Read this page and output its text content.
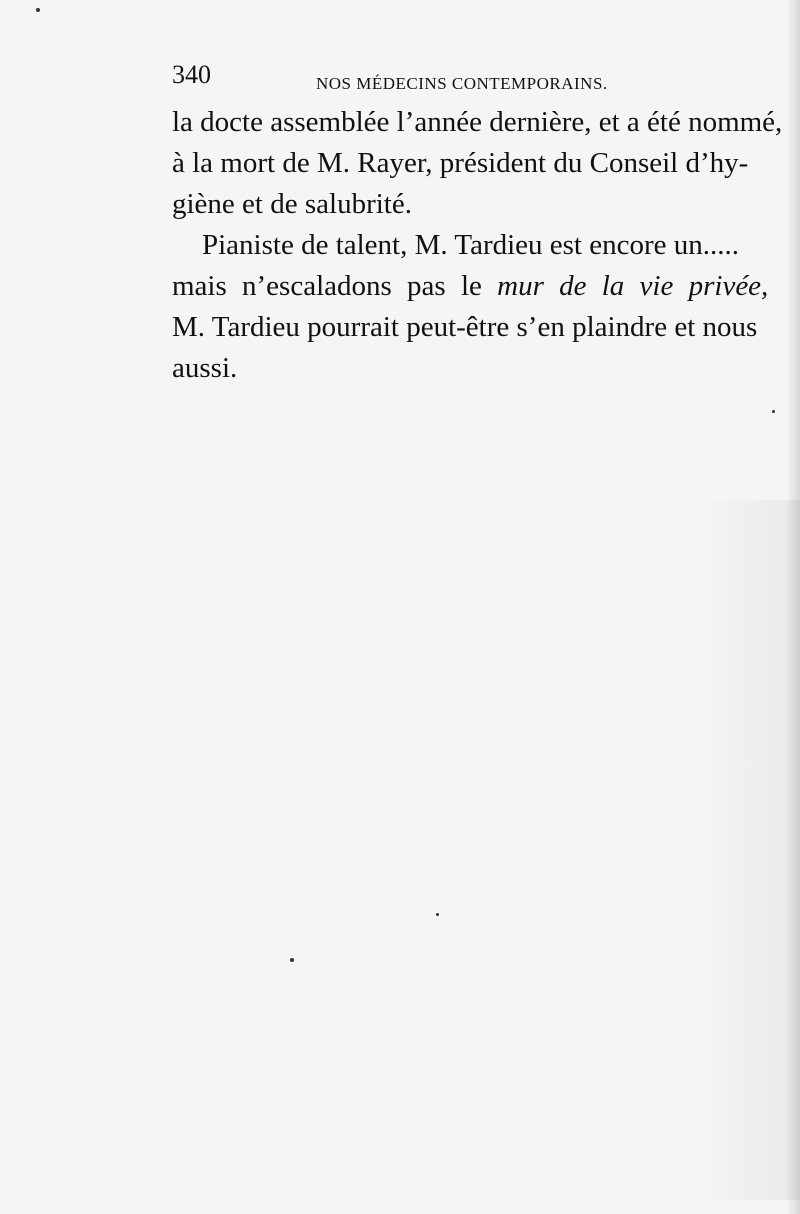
340	NOS MÉDECINS CONTEMPORAINS.
la docte assemblée l’année dernière, et a été nommé,
à la mort de M. Rayer, président du Conseil d’hy-
giène et de salubrité.
Pianiste de talent, M. Tardieu est encore un.....
mais n’escaladons pas le mur de la vie privée,
M. Tardieu pourrait peut-être s’en plaindre et nous
aussi.
